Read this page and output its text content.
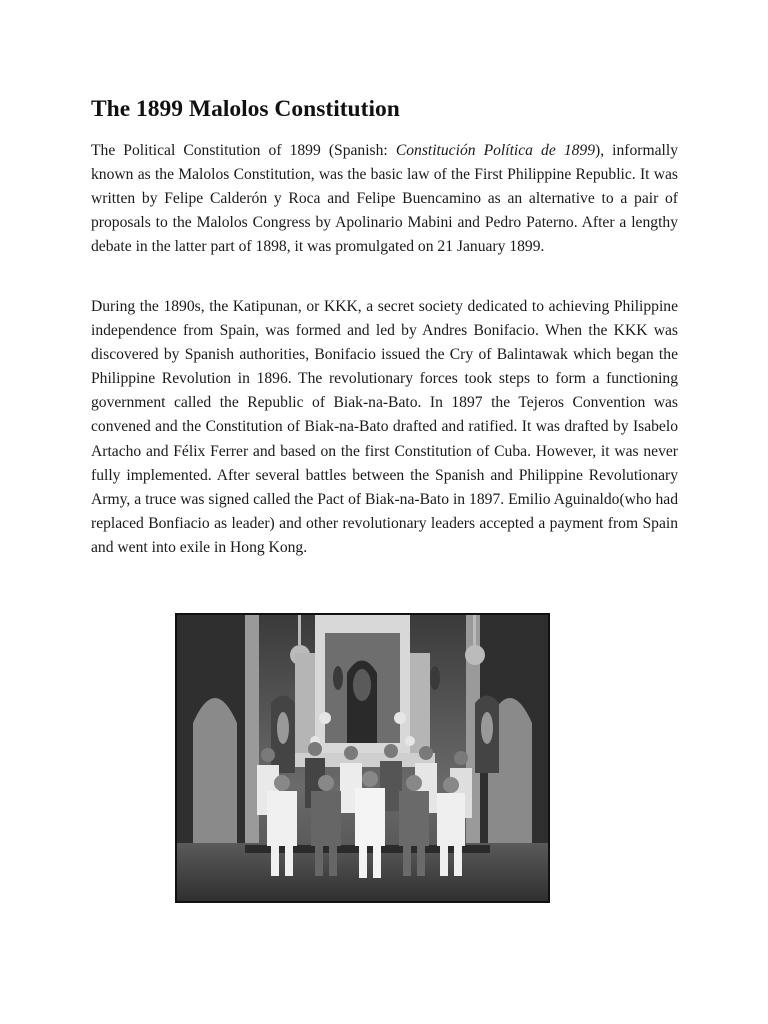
The 1899 Malolos Constitution

The Political Constitution of 1899 (Spanish: Constitución Política de 1899), informally known as the Malolos Constitution, was the basic law of the First Philippine Republic. It was written by Felipe Calderón y Roca and Felipe Buencamino as an alternative to a pair of proposals to the Malolos Congress by Apolinario Mabini and Pedro Paterno. After a lengthy debate in the latter part of 1898, it was promulgated on 21 January 1899.

During the 1890s, the Katipunan, or KKK, a secret society dedicated to achieving Philippine independence from Spain, was formed and led by Andres Bonifacio. When the KKK was discovered by Spanish authorities, Bonifacio issued the Cry of Balintawak which began the Philippine Revolution in 1896. The revolutionary forces took steps to form a functioning government called the Republic of Biak-na-Bato. In 1897 the Tejeros Convention was convened and the Constitution of Biak-na-Bato drafted and ratified. It was drafted by Isabelo Artacho and Félix Ferrer and based on the first Constitution of Cuba. However, it was never fully implemented. After several battles between the Spanish and Philippine Revolutionary Army, a truce was signed called the Pact of Biak-na-Bato in 1897. Emilio Aguinaldo(who had replaced Bonfiacio as leader) and other revolutionary leaders accepted a payment from Spain and went into exile in Hong Kong.
